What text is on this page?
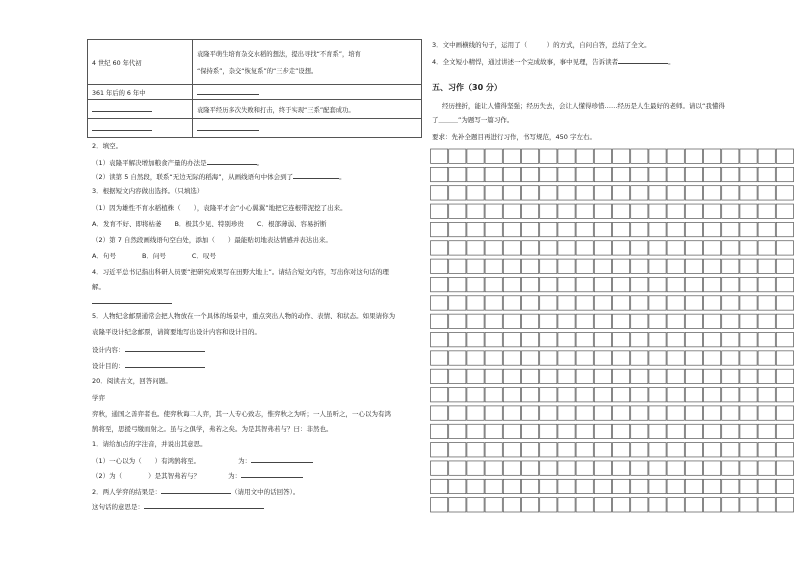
4 世纪 60 年代初	袁隆平萌生培育杂交水稻的想法，提出寻找“不育系”，培育
“保持系”，杂交“恢复系”的“三步走”设想。

361 年后的 6 年中	
	袁隆平经历多次失败和打击，终于实现“三系”配套成功。

2．填空。
（1）袁隆平解决增加粮食产量的办法是	。
（2）读第 5 自然段，联系“无边无际的稻海”，从画线语句中体会到了	。
3．根据短文内容做出选择。（只填选）
（1）因为雄性不育水稻植株（　　），袁隆平才会“小心翼翼”地把它连根带泥挖了出来。
A．发育不好、即将枯萎　　B．极其少见、特别珍贵　　C．根部薄弱、容易折断
（2）第 7 自然段画线语句空白处，添加（　　）最能贴切地表达情感并表达出来。
A．句号　　　　B．问号　　　　C．叹号
4．习近平总书记指出科研人员要“把研究成果写在田野大地上”。请结合短文内容，写出你对这句话的理
解。
5．人物纪念邮票通常会把人物放在一个具体的场景中，重点突出人物的动作、表情、和状态。如果请你为
袁隆平设计纪念邮票，请简要地写出设计内容和设计目的。
设计内容：
设计目的：
20．阅读古文，回答问题。
学弈
弈秋，通国之善弈者也。使弈秋诲二人弈，其一人专心致志，惟弈秋之为听；一人虽听之，一心以为有鸿
鹄将至，思援弓缴而射之。虽与之俱学，弗若之矣。为是其智弗若与？曰：非然也。
1．请给加点的字注音，并说出其意思。
（1）一心以为（　　）有鸿鹄将至。	为：
（2）为（　　　　）是其智弗若与？	为：
2．两人学弈的结果是：	（请用文中的话回答）。
这句话的意思是：
3．文中画横线的句子，运用了（　　　）的方式，自问自答，总结了全文。
4．全文短小精悍，通过讲述一个完成故事，事中见理，告诉读者	。
五、习作（30 分）
经历挫折，能让人懂得坚强；经历失去，会让人懂得珍惜……经历是人生最好的老师。请以“我懂得
了＿＿＿”为题写一篇习作。
要求：先补全题目再进行习作，书写规范，450 字左右。
